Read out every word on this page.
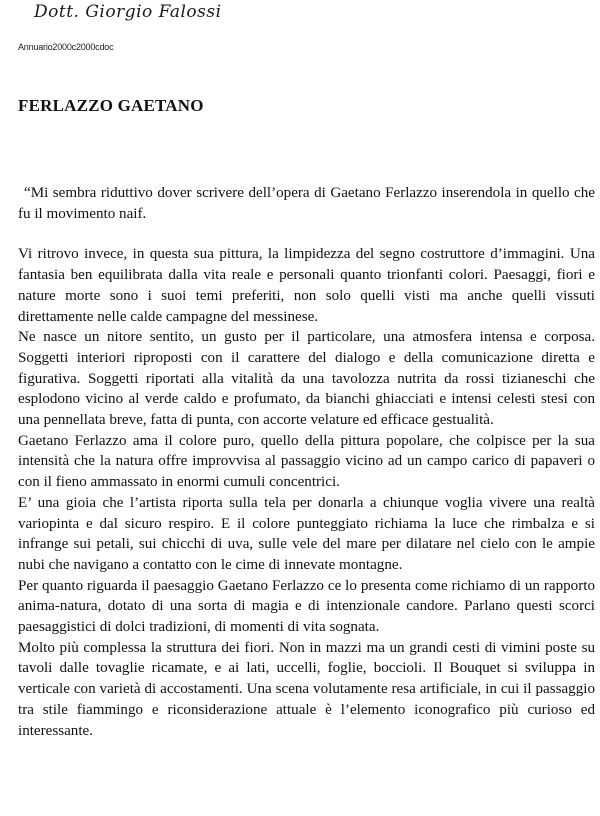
Dott. Giorgio Falossi
Annuario2000c2000cdoc
FERLAZZO GAETANO

“Mi sembra riduttivo dover scrivere dell’opera di Gaetano Ferlazzo inserendola in quello che fu il movimento naif.

Vi ritrovo invece, in questa sua pittura, la limpidezza del segno costruttore d’immagini. Una fantasia ben equilibrata dalla vita reale e personali quanto trionfanti colori. Paesaggi, fiori e nature morte sono i suoi temi preferiti, non solo quelli visti ma anche quelli vissuti direttamente nelle calde campagne del messinese.

Ne nasce un nitore sentito, un gusto per il particolare, una atmosfera intensa e corposa. Soggetti interiori riproposti con il carattere del dialogo e della comunicazione diretta e figurativa. Soggetti riportati alla vitalità da una tavolozza nutrita da rossi tizianeschi che esplodono vicino al verde caldo e profumato, da bianchi ghiacciati e intensi celesti stesi con una pennellata breve, fatta di punta, con accorte velature ed efficace gestualità.

Gaetano Ferlazzo ama il colore puro, quello della pittura popolare, che colpisce per la sua intensità che la natura offre improvvisa al passaggio vicino ad un campo carico di papaveri o con il fieno ammassato in enormi cumuli concentrici.

E’ una gioia che l’artista riporta sulla tela per donarla a chiunque voglia vivere una realtà variopinta e dal sicuro respiro. E il colore punteggiato richiama la luce che rimbalza e si infrange sui petali, sui chicchi di uva, sulle vele del mare per dilatare nel cielo con le ampie nubi che navigano a contatto con le cime di innevate montagne.

Per quanto riguarda il paesaggio Gaetano Ferlazzo ce lo presenta come richiamo di un rapporto anima-natura, dotato di una sorta di magia e di intenzionale candore. Parlano questi scorci paesaggistici di dolci tradizioni, di momenti di vita sognata.

Molto più complessa la struttura dei fiori. Non in mazzi ma un grandi cesti di vimini poste su tavoli dalle tovaglie ricamate, e ai lati, uccelli, foglie, boccioli. Il Bouquet si sviluppa in verticale con varietà di accostamenti. Una scena volutamente resa artificiale, in cui il passaggio tra stile fiammingo e riconsiderazione attuale è l’elemento iconografico più curioso ed interessante.
